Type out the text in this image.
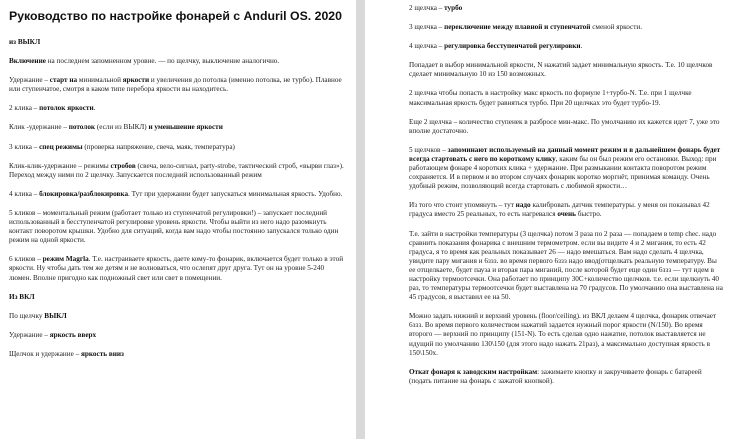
Руководство по настройке фонарей с Anduril OS. 2020

из ВЫКЛ

Включение на последнем запомненном уровне. — по щелчку, выключение аналогично.

Удержание – старт на минимальной яркости и увеличения до потолка (именно потолка, не турбо). Плавное или ступенчатое, смотря в каком типе перебора яркости вы находитесь.

2 клика – потолок яркости.

Клик -удержание – потолок (если из ВЫКЛ) и уменьшение яркости

3 клика – спец режимы (проверка напряжение, свеча, маяк, температура)

Клик-клик-удержание – режимы стробов (свеча, вело-сигнал, party-strobe, тактический строб, «вырви глаз»). Переход между ними по 2 щелчку. Запускается последний использованный режим

4 клика – блокировка/разблокировка. Тут при удержании будет запускаться минимальная яркость. Удобно.

5 кликов – моментальный режим (работает только из ступенчатой регулировки!) – запускает последний использованный в бесступенчатой регулировке уровень яркости. Чтобы выйти из него надо разомкнуть контакт поворотом крышки. Удобно для ситуаций, когда вам надо чтобы постоянно запускался только один режим на одной яркости.

6 кликов – режим Magгla. Т.е. настраиваете яркость, даете кому-то фонарик, включается будет только в этой яркости. Ну чтобы дать тем же детям и не волноваться, что ослепят друг друга. Тут он на уровне 5-240 люмен. Вполне пригодно как подножный свет или свет в помещении.

Из ВКЛ

По щелчку ВЫКЛ

Удержание – яркость вверх

Щелчок и удержание – яркость вниз

2 щелчка – турбо

3 щелчка – переключение между плавной и ступенчатой сменой яркости.

4 щелчка – регулировка бесступенчатой регулировки.

Попадает в выбор минимальной яркости, N нажатий задает минимальную яркость. Т.е. 10 щелчков сделает минимальную 10 из 150 возможных.

2 щелчка чтобы попасть в настройку макс яркость по формуле 1+турбо-N. Т.е. при 1 щелчке максимальная яркость будет равняться турбо. При 20 щелчках это будет турбо-19.

Еще 2 щелчка – количество ступенек в разбросе мин-макс. По умолчанию их кажется идет 7, уже это вполне достаточно.

5 щелчков – запоминают используемый на данный момент режим и в дальнейшем фонарь будет всегда стартовать с него по короткому клику, каким бы он был режим его остановки. Выход: при работающем фонаре 4 коротких клика + удержание. При размыкании контакта поворотом режим сохраняется. И в первом и во втором случаях фонарик коротко моргнёт, принимая команду. Очень удобный режим, позволяющий всегда стартовать с любимой яркости…

Из того что стоит упомянуть – тут надо калибровать датчик температуры. у меня он показывал 42 градуса вместо 25 реальных, то есть нагревался очень быстро.

Т.е. зайти в настройки температуры (3 щелчка) потом 3 раза по 2 раза — попадаем в temp chec. надо сравнить показания фонарика с внешним термометром. если вы видите 4 и 2 мигания, то есть 42 градуса, я то время как реальных показывает 26 — надо вмешаться. Вам надо сделать 4 щелчка, увидите пару мигания и 6ззз. во время первого 6ззз надо ввод(отщелкать реальную температуру. Вы ее отщелкаете, будет пауза и вторая пара миганий, после которой будет еще один 6ззз — тут идем в настройку термоотсечки. Она работает по принципу 30C+количество щелчков. т.е. если щелкнуть 40 раз, то температуры термоотсечки будет выставлена на 70 градусов. По умолчанию она выставлена на 45 градусов, я выставил ее на 50.

Можно задать нижний и верхний уровень (floor/ceiling). из ВКЛ делаем 4 щелчка, фонарик отвечает 6ззз. Во время первого количеством нажатий задается нужный порог яркости (N/150). Во время второго — верхний по принципу (151-N). То есть сделав одно нажатие, потолок выставляется не идущий по умолчанию 130\150 (для этого надо нажать 21раз), а максимально доступная яркость в 150\150х.

Откат фонаря к заводским настройкам: зажимаете кнопку и закручиваете фонарь с батареей (подать питание на фонарь с зажатой кнопкой).
